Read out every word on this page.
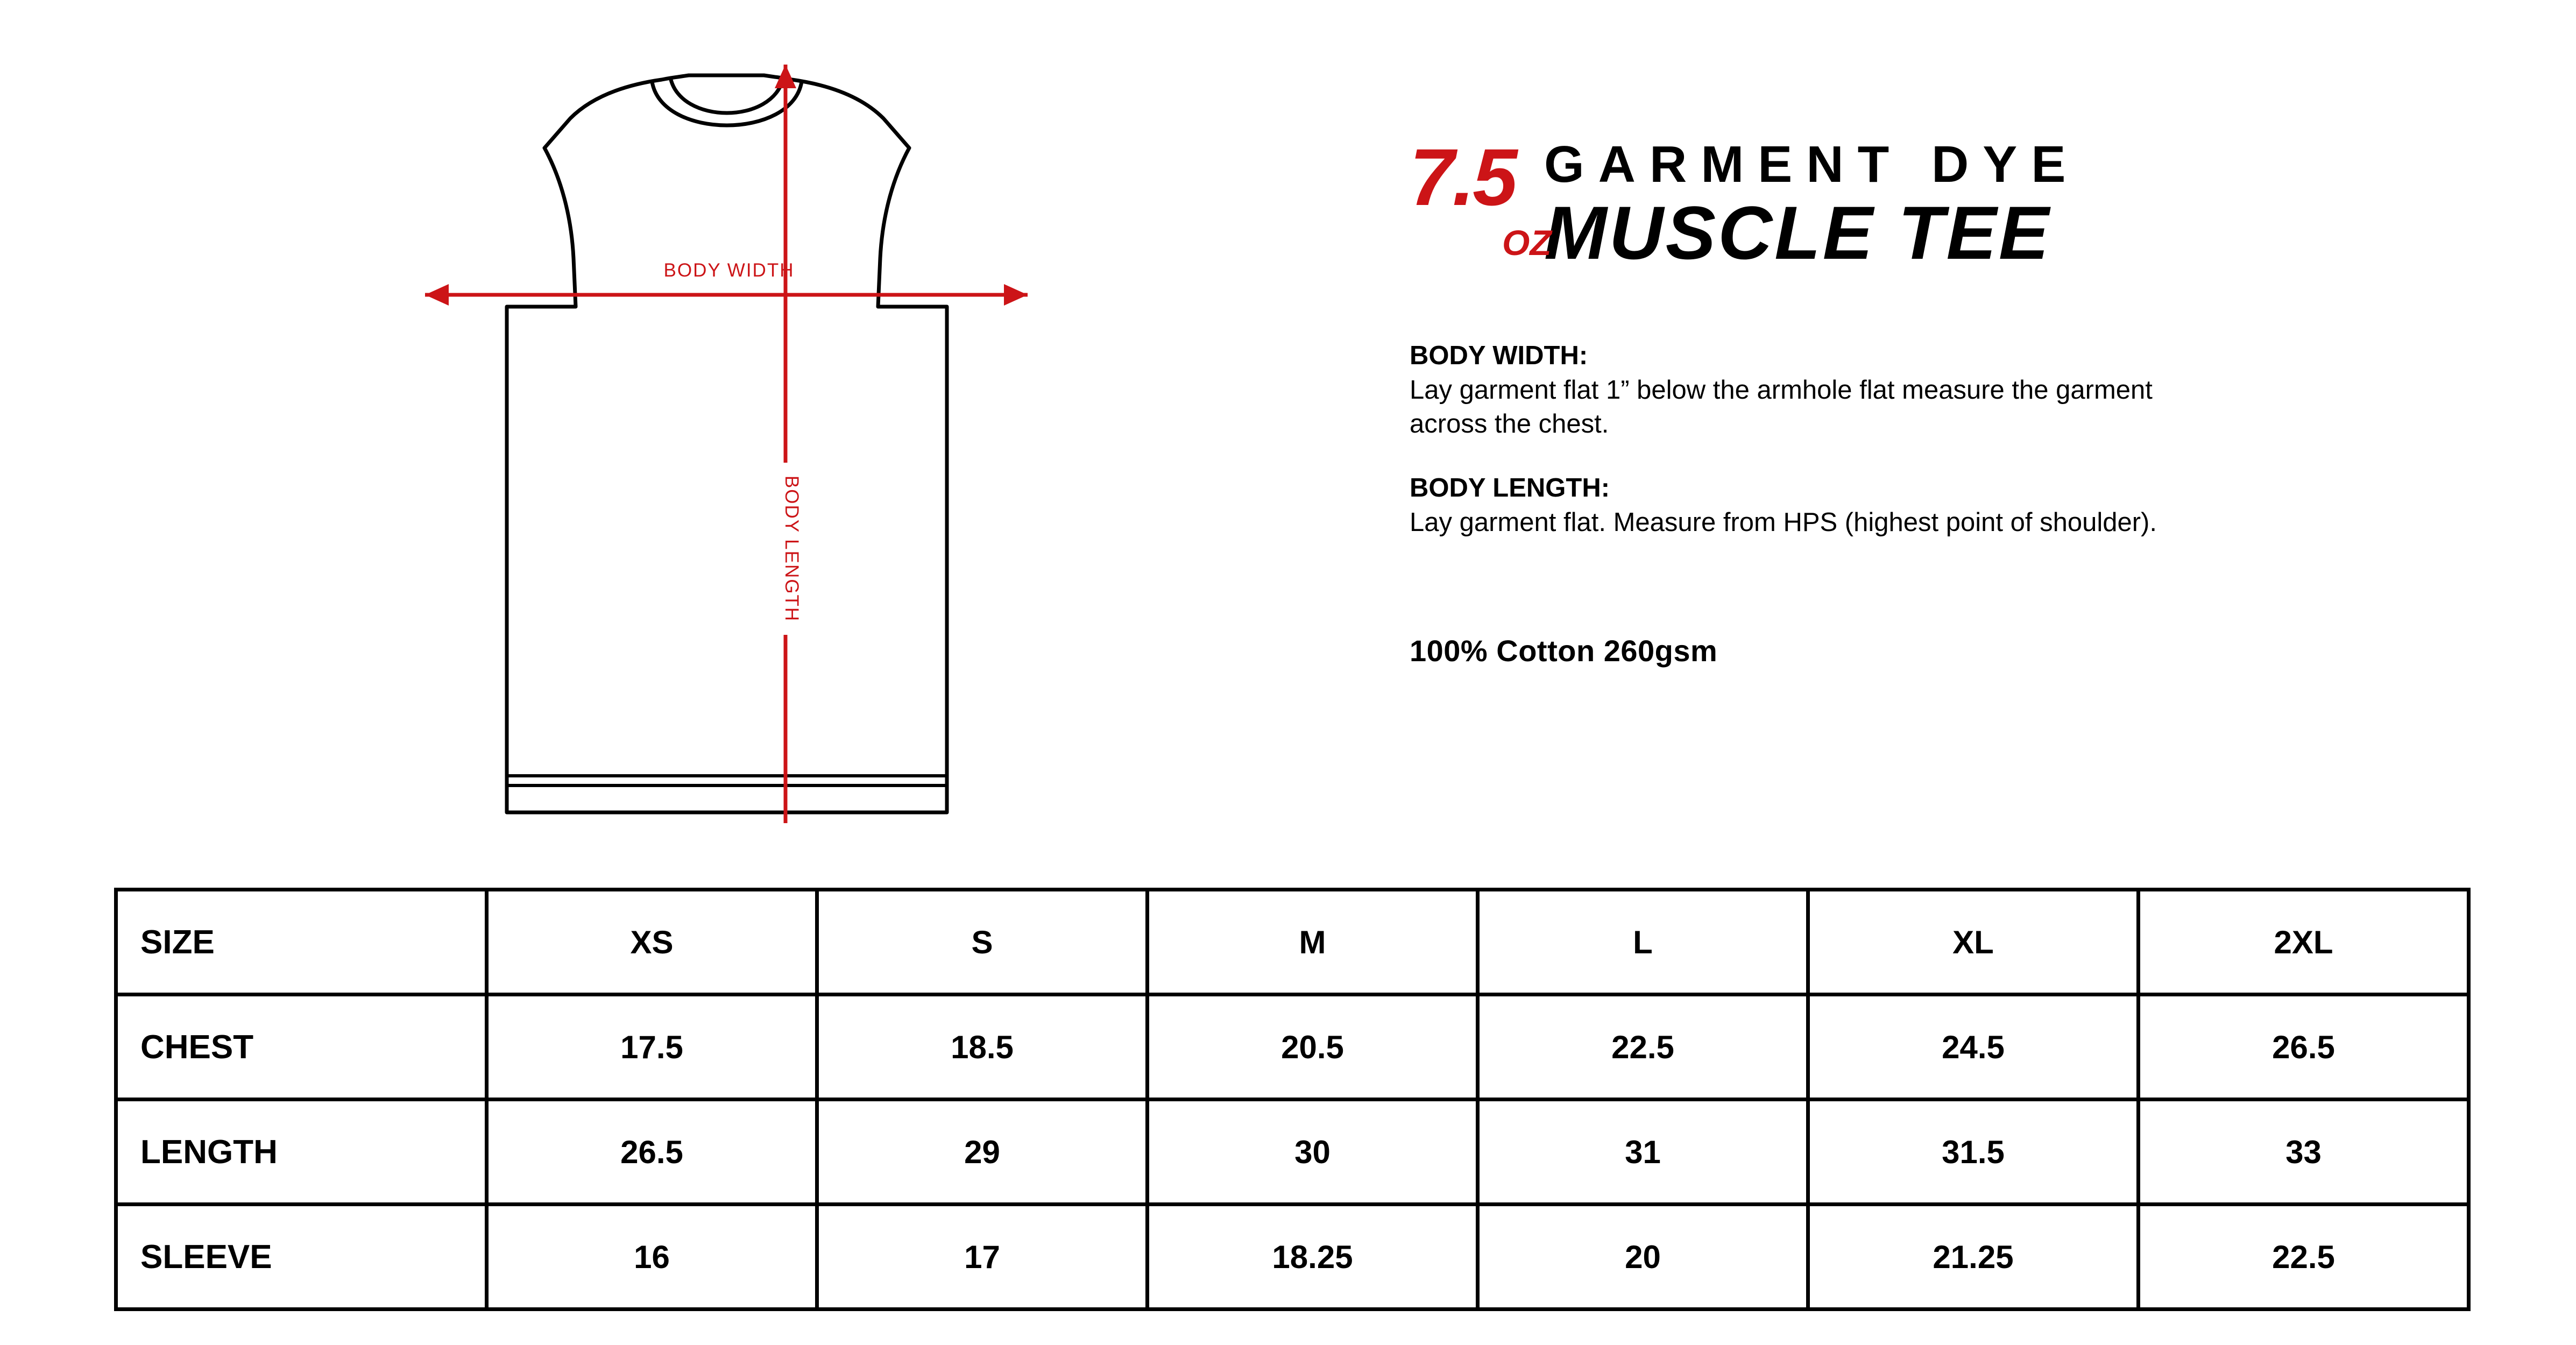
BODY WIDTH
BODY LENGTH
7.5
OZ
GARMENT DYE
MUSCLE TEE
BODY WIDTH:
Lay garment flat 1” below the armhole flat measure the garment across the chest.
BODY LENGTH:
Lay garment flat. Measure from HPS (highest point of shoulder).
100% Cotton 260gsm
SIZE	XS	S	M	L	XL	2XL
CHEST	17.5	18.5	20.5	22.5	24.5	26.5
LENGTH	26.5	29	30	31	31.5	33
SLEEVE	16	17	18.25	20	21.25	22.5
